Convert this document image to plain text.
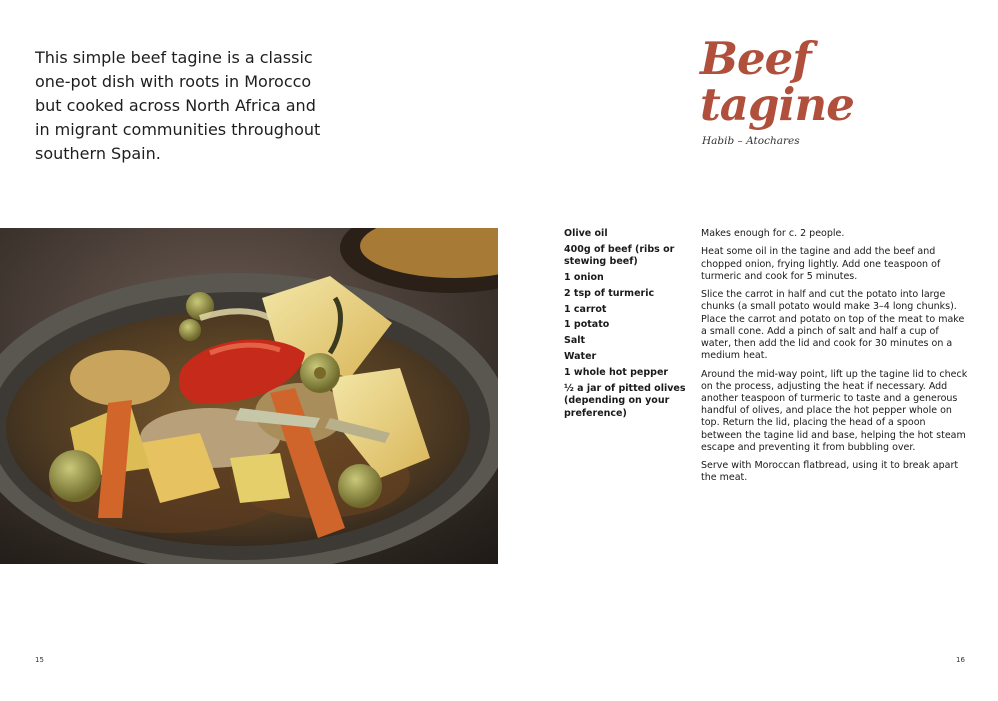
This simple beef tagine is a classic one-pot dish with roots in Morocco but cooked across North Africa and in migrant communities throughout southern Spain.

Beef
tagine
Habib – Atochares
Olive oil
400g of beef (ribs or stewing beef)
1 onion
2 tsp of turmeric
1 carrot
1 potato
Salt
Water
1 whole hot pepper
½ a jar of pitted olives (depending on your preference)

Makes enough for c. 2 people.

Heat some oil in the tagine and add the beef and chopped onion, frying lightly. Add one teaspoon of turmeric and cook for 5 minutes.

Slice the carrot in half and cut the potato into large chunks (a small potato would make 3–4 long chunks). Place the carrot and potato on top of the meat to make a small cone. Add a pinch of salt and half a cup of water, then add the lid and cook for 30 minutes on a medium heat.

Around the mid-way point, lift up the tagine lid to check on the process, adjusting the heat if necessary. Add another teaspoon of turmeric to taste and a generous handful of olives, and place the hot pepper whole on top. Return the lid, placing the head of a spoon between the tagine lid and base, helping the hot steam escape and preventing it from bubbling over.

Serve with Moroccan flatbread, using it to break apart the meat.

15	16
